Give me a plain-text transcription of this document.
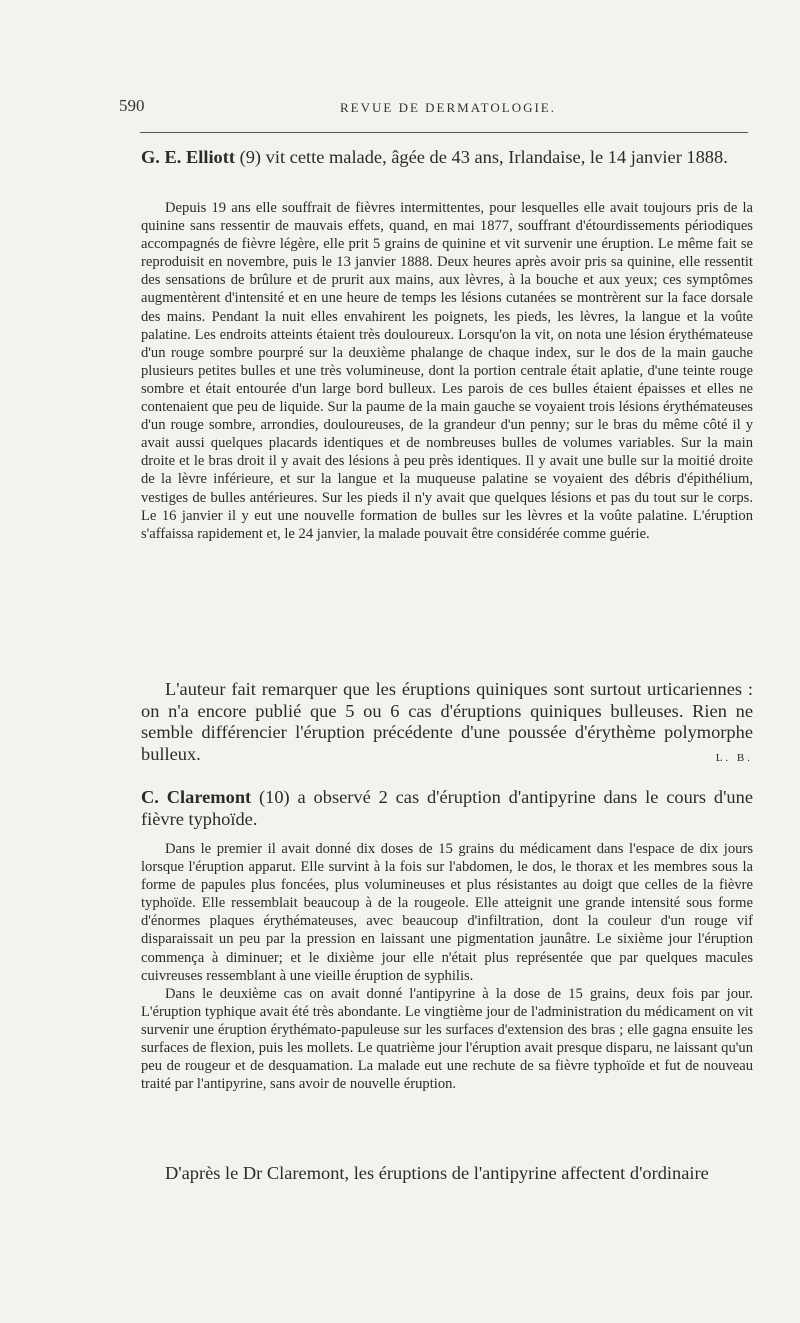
590	REVUE DE DERMATOLOGIE.
G. E. Elliott (9) vit cette malade, âgée de 43 ans, Irlandaise, le 14 janvier 1888.

Depuis 19 ans elle souffrait de fièvres intermittentes, pour lesquelles elle avait toujours pris de la quinine sans ressentir de mauvais effets, quand, en mai 1877, souffrant d'étourdissements périodiques accompagnés de fièvre légère, elle prit 5 grains de quinine et vit survenir une éruption. Le même fait se reproduisit en novembre, puis le 13 janvier 1888. Deux heures après avoir pris sa quinine, elle ressentit des sensations de brûlure et de prurit aux mains, aux lèvres, à la bouche et aux yeux; ces symptômes augmentèrent d'intensité et en une heure de temps les lésions cutanées se montrèrent sur la face dorsale des mains. Pendant la nuit elles envahirent les poignets, les pieds, les lèvres, la langue et la voûte palatine. Les endroits atteints étaient très douloureux. Lorsqu'on la vit, on nota une lésion érythémateuse d'un rouge sombre pourpré sur la deuxième phalange de chaque index, sur le dos de la main gauche plusieurs petites bulles et une très volumineuse, dont la portion centrale était aplatie, d'une teinte rouge sombre et était entourée d'un large bord bulleux. Les parois de ces bulles étaient épaisses et elles ne contenaient que peu de liquide. Sur la paume de la main gauche se voyaient trois lésions érythémateuses d'un rouge sombre, arrondies, douloureuses, de la grandeur d'un penny; sur le bras du même côté il y avait aussi quelques placards identiques et de nombreuses bulles de volumes variables. Sur la main droite et le bras droit il y avait des lésions à peu près identiques. Il y avait une bulle sur la moitié droite de la lèvre inférieure, et sur la langue et la muqueuse palatine se voyaient des débris d'épithélium, vestiges de bulles antérieures. Sur les pieds il n'y avait que quelques lésions et pas du tout sur le corps. Le 16 janvier il y eut une nouvelle formation de bulles sur les lèvres et la voûte palatine. L'éruption s'affaissa rapidement et, le 24 janvier, la malade pouvait être considérée comme guérie.

L'auteur fait remarquer que les éruptions quiniques sont surtout urticariennes : on n'a encore publié que 5 ou 6 cas d'éruptions quiniques bulleuses. Rien ne semble différencier l'éruption précédente d'une poussée d'érythème polymorphe bulleux.	L. B.

C. Claremont (10) a observé 2 cas d'éruption d'antipyrine dans le cours d'une fièvre typhoïde.

Dans le premier il avait donné dix doses de 15 grains du médicament dans l'espace de dix jours lorsque l'éruption apparut. Elle survint à la fois sur l'abdomen, le dos, le thorax et les membres sous la forme de papules plus foncées, plus volumineuses et plus résistantes au doigt que celles de la fièvre typhoïde. Elle ressemblait beaucoup à de la rougeole. Elle atteignit une grande intensité sous forme d'énormes plaques érythémateuses, avec beaucoup d'infiltration, dont la couleur d'un rouge vif disparaissait un peu par la pression en laissant une pigmentation jaunâtre. Le sixième jour l'éruption commença à diminuer; et le dixième jour elle n'était plus représentée que par quelques macules cuivreuses ressemblant à une vieille éruption de syphilis.

Dans le deuxième cas on avait donné l'antipyrine à la dose de 15 grains, deux fois par jour. L'éruption typhique avait été très abondante. Le vingtième jour de l'administration du médicament on vit survenir une éruption érythémato-papuleuse sur les surfaces d'extension des bras ; elle gagna ensuite les surfaces de flexion, puis les mollets. Le quatrième jour l'éruption avait presque disparu, ne laissant qu'un peu de rougeur et de desquamation. La malade eut une rechute de sa fièvre typhoïde et fut de nouveau traité par l'antipyrine, sans avoir de nouvelle éruption.

D'après le Dr Claremont, les éruptions de l'antipyrine affectent d'ordinaire
